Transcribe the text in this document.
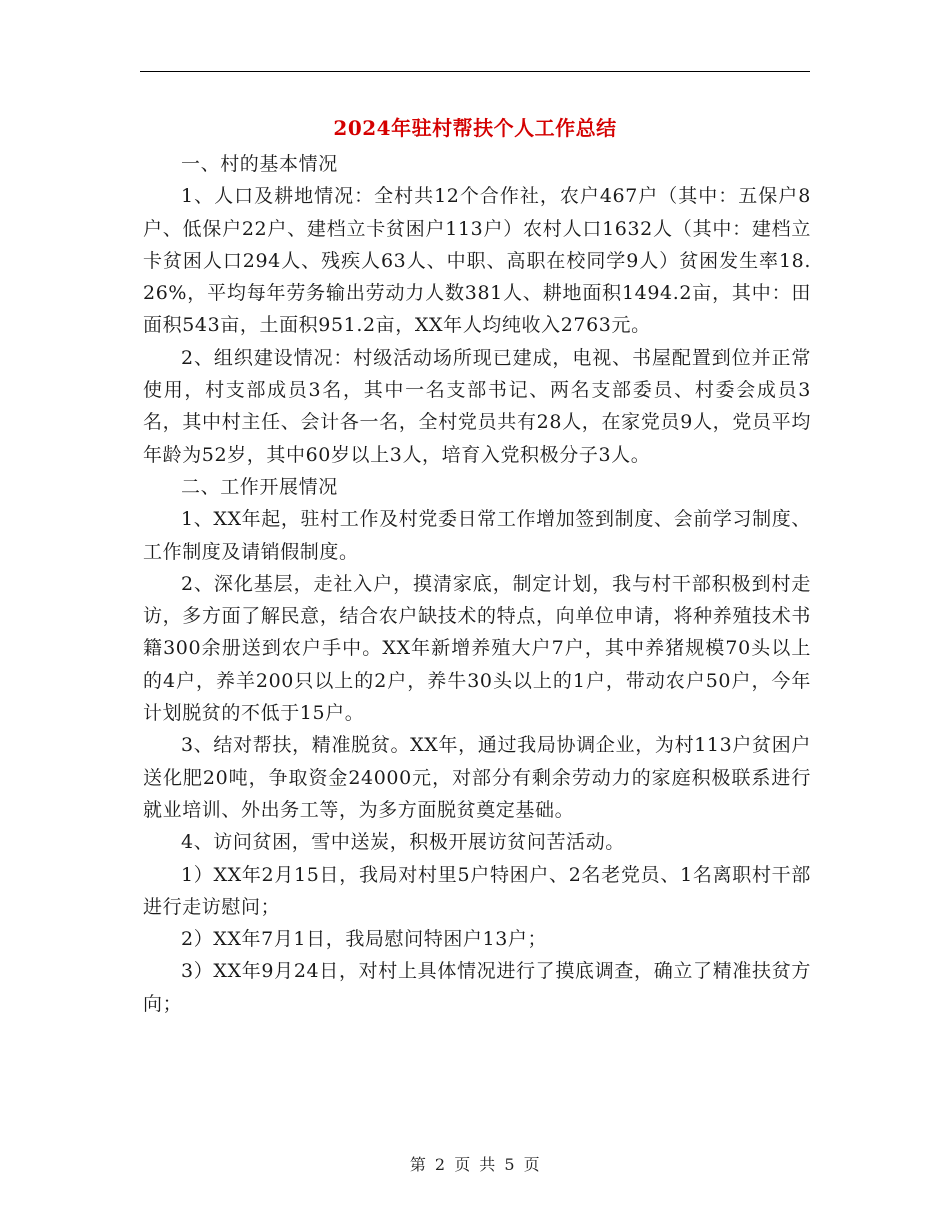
2024年驻村帮扶个人工作总结

一、村的基本情况

1、人口及耕地情况：全村共12个合作社，农户467户（其中：五保户8户、低保户22户、建档立卡贫困户113户）农村人口1632人（其中：建档立卡贫困人口294人、残疾人63人、中职、高职在校同学9人）贫困发生率18.26%，平均每年劳务输出劳动力人数381人、耕地面积1494.2亩，其中：田面积543亩，土面积951.2亩，XX年人均纯收入2763元。

2、组织建设情况：村级活动场所现已建成，电视、书屋配置到位并正常使用，村支部成员3名，其中一名支部书记、两名支部委员、村委会成员3名，其中村主任、会计各一名，全村党员共有28人，在家党员9人，党员平均年龄为52岁，其中60岁以上3人，培育入党积极分子3人。

二、工作开展情况

1、XX年起，驻村工作及村党委日常工作增加签到制度、会前学习制度、工作制度及请销假制度。

2、深化基层，走社入户，摸清家底，制定计划，我与村干部积极到村走访，多方面了解民意，结合农户缺技术的特点，向单位申请，将种养殖技术书籍300余册送到农户手中。XX年新增养殖大户7户，其中养猪规模70头以上的4户，养羊200只以上的2户，养牛30头以上的1户，带动农户50户，今年计划脱贫的不低于15户。

3、结对帮扶，精准脱贫。XX年，通过我局协调企业，为村113户贫困户送化肥20吨，争取资金24000元，对部分有剩余劳动力的家庭积极联系进行就业培训、外出务工等，为多方面脱贫奠定基础。

4、访问贫困，雪中送炭，积极开展访贫问苦活动。

1）XX年2月15日，我局对村里5户特困户、2名老党员、1名离职村干部进行走访慰问；

2）XX年7月1日，我局慰问特困户13户；

3）XX年9月24日，对村上具体情况进行了摸底调查，确立了精准扶贫方向；

第 2 页 共 5 页
